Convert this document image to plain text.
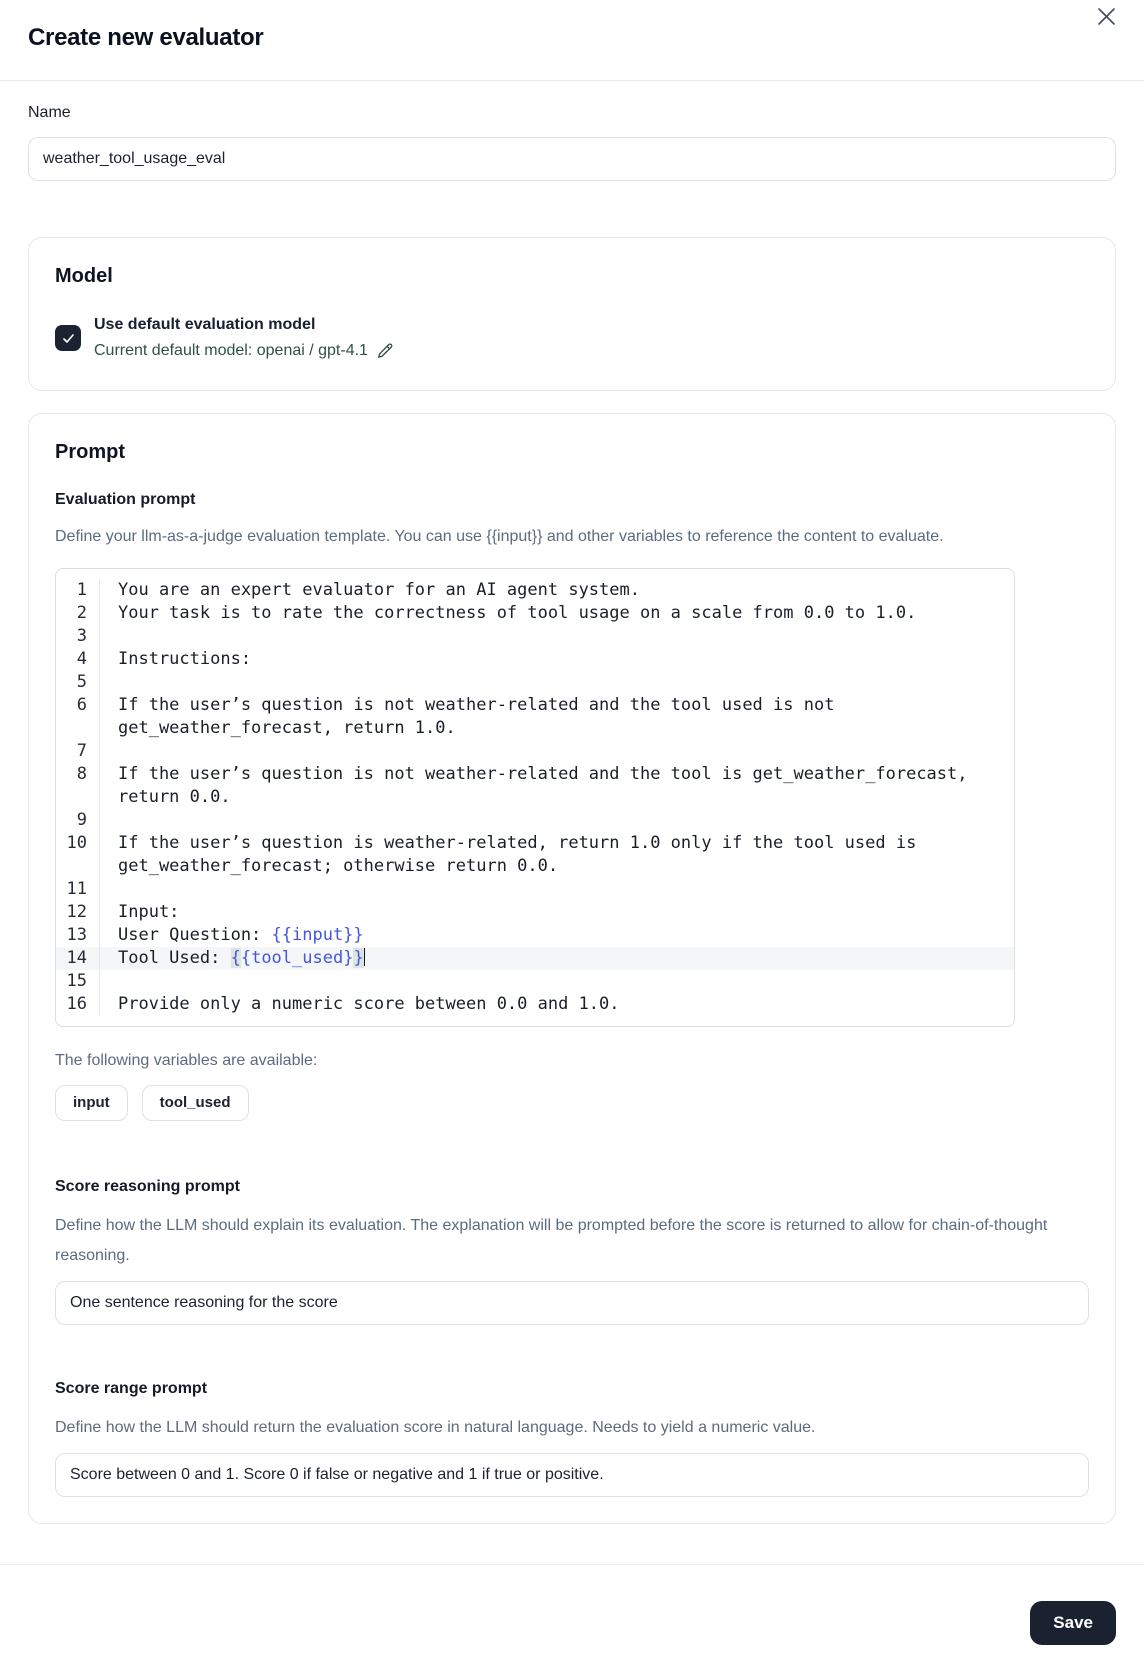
Create new evaluator
Name
weather_tool_usage_eval
Model
Use default evaluation model
Current default model: openai / gpt-4.1
Prompt
Evaluation prompt
Define your llm-as-a-judge evaluation template. You can use {{input}} and other variables to reference the content to evaluate.
1	You are an expert evaluator for an AI agent system.
2	Your task is to rate the correctness of tool usage on a scale from 0.0 to 1.0.
3

4	Instructions:
5

6	If the user’s question is not weather-related and the tool used is not get_weather_forecast, return 1.0.
7

8	If the user’s question is not weather-related and the tool is get_weather_forecast, return 0.0.
9

10	If the user’s question is weather-related, return 1.0 only if the tool used is get_weather_forecast; otherwise return 0.0.
11

12	Input:
13	User Question: {{input}}
14	Tool Used: {{tool_used}}
15

16	Provide only a numeric score between 0.0 and 1.0.
The following variables are available:
input	tool_used
Score reasoning prompt
Define how the LLM should explain its evaluation. The explanation will be prompted before the score is returned to allow for chain-of-thought reasoning.
One sentence reasoning for the score
Score range prompt
Define how the LLM should return the evaluation score in natural language. Needs to yield a numeric value.
Score between 0 and 1. Score 0 if false or negative and 1 if true or positive.
Save
